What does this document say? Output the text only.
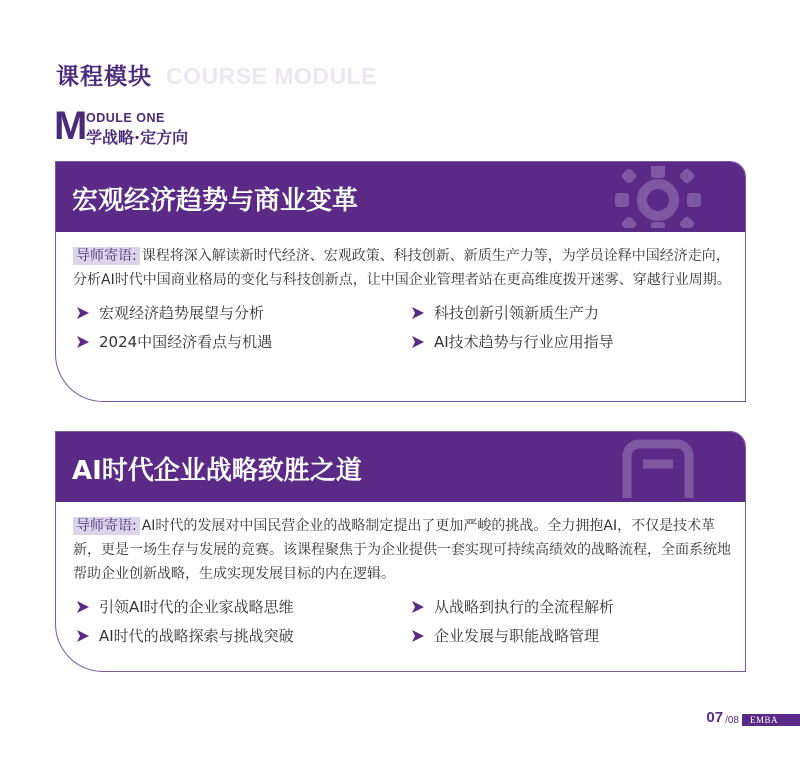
课程模块 COURSE MODULE
M
ODULE ONE
学战略·定方向
宏观经济趋势与商业变革

导师寄语: 课程将深入解读新时代经济、宏观政策、科技创新、新质生产力等，为学员诠释中国经济走向，分析AI时代中国商业格局的变化与科技创新点，让中国企业管理者站在更高维度拨开迷雾、穿越行业周期。

宏观经济趋势展望与分析	科技创新引领新质生产力
2024中国经济看点与机遇	AI技术趋势与行业应用指导
AI时代企业战略致胜之道

导师寄语: AI时代的发展对中国民营企业的战略制定提出了更加严峻的挑战。全力拥抱AI，不仅是技术革新，更是一场生存与发展的竞赛。该课程聚焦于为企业提供一套实现可持续高绩效的战略流程，全面系统地帮助企业创新战略，生成实现发展目标的内在逻辑。

引领AI时代的企业家战略思维	从战略到执行的全流程解析
AI时代的战略探索与挑战突破	企业发展与职能战略管理
07 /08	EMBA
